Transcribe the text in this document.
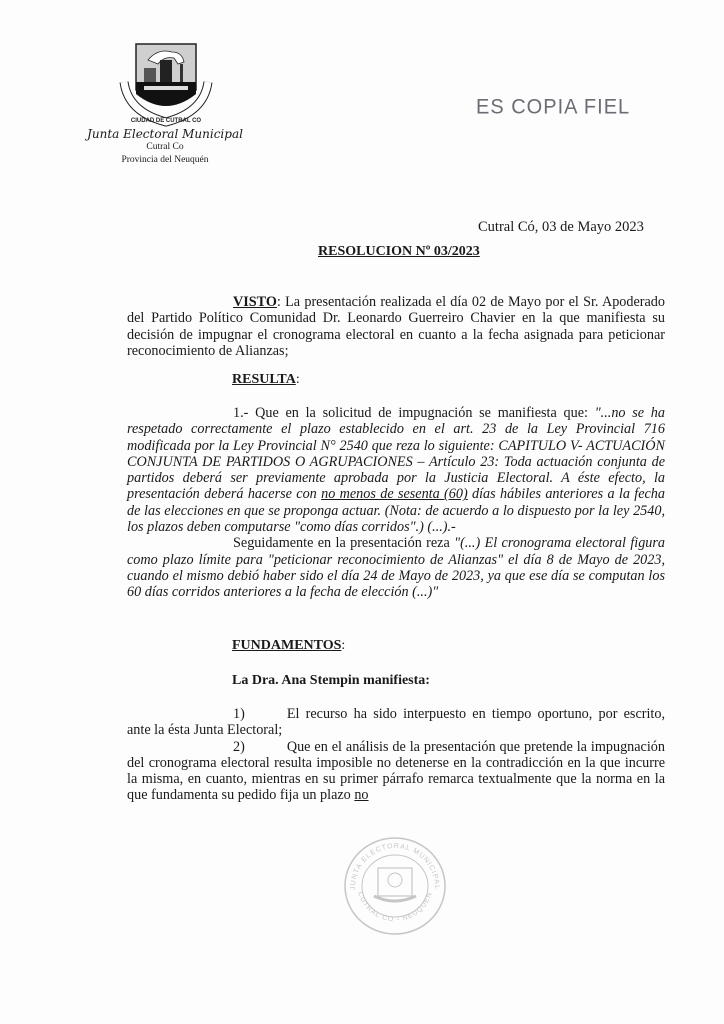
CIUDAD DE CUTRAL CO
Junta Electoral Municipal
Cutral Co
Provincia del Neuquén
ES COPIA FIEL
Cutral Có, 03 de Mayo 2023
RESOLUCION Nº 03/2023

VISTO: La presentación realizada el día 02 de Mayo por el Sr. Apoderado del Partido Político Comunidad Dr. Leonardo Guerreiro Chavier en la que manifiesta su decisión de impugnar el cronograma electoral en cuanto a la fecha asignada para peticionar reconocimiento de Alianzas;

RESULTA:

1.- Que en la solicitud de impugnación se manifiesta que: "...no se ha respetado correctamente el plazo establecido en el art. 23 de la Ley Provincial 716 modificada por la Ley Provincial N° 2540 que reza lo siguiente: CAPITULO V- ACTUACIÓN CONJUNTA DE PARTIDOS O AGRUPACIONES – Artículo 23: Toda actuación conjunta de partidos deberá ser previamente aprobada por la Justicia Electoral. A éste efecto, la presentación deberá hacerse con no menos de sesenta (60) días hábiles anteriores a la fecha de las elecciones en que se proponga actuar. (Nota: de acuerdo a lo dispuesto por la ley 2540, los plazos deben computarse "como días corridos".) (...).-

Seguidamente en la presentación reza "(...) El cronograma electoral figura como plazo límite para "peticionar reconocimiento de Alianzas" el día 8 de Mayo de 2023, cuando el mismo debió haber sido el día 24 de Mayo de 2023, ya que ese día se computan los 60 días corridos anteriores a la fecha de elección (...)"

FUNDAMENTOS:
La Dra. Ana Stempin manifiesta:

1)	El recurso ha sido interpuesto en tiempo oportuno, por escrito, ante la ésta Junta Electoral;

2)	Que en el análisis de la presentación que pretende la impugnación del cronograma electoral resulta imposible no detenerse en la contradicción en la que incurre la misma, en cuanto, mientras en su primer párrafo remarca textualmente que la norma en la que fundamenta su pedido fija un plazo no

JUNTA ELECTORAL MUNICIPAL
CUTRAL CO - NEUQUEN
